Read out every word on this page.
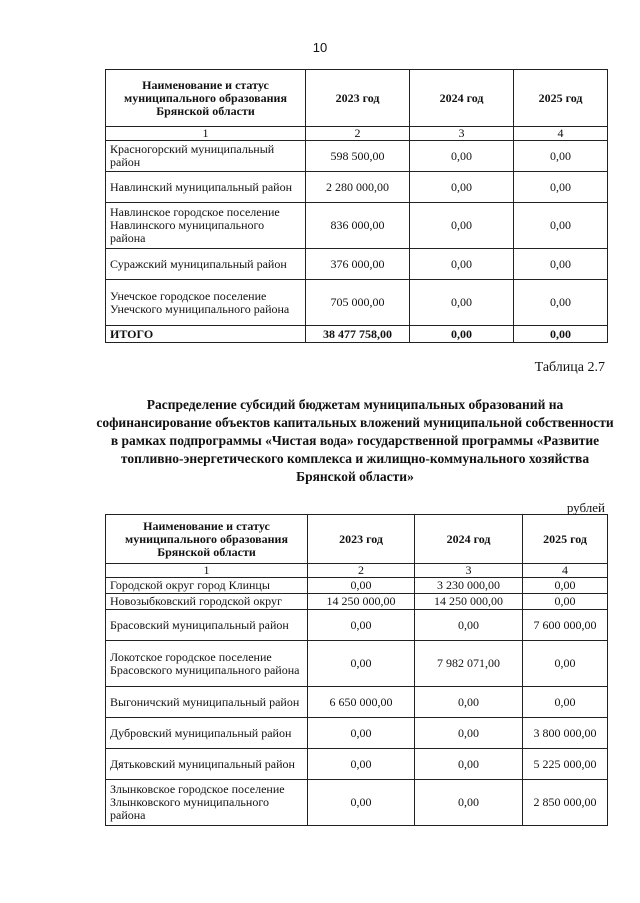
10
Наименование и статус муниципального образования Брянской области	2023 год	2024 год	2025 год
1	2	3	4
Красногорский муниципальный район	598 500,00	0,00	0,00
Навлинский муниципальный район	2 280 000,00	0,00	0,00
Навлинское городское поселение Навлинского муниципального района	836 000,00	0,00	0,00
Суражский муниципальный район	376 000,00	0,00	0,00
Унечское городское поселение Унечского муниципального района	705 000,00	0,00	0,00
ИТОГО	38 477 758,00	0,00	0,00
Таблица 2.7
Распределение субсидий бюджетам муниципальных образований на софинансирование объектов капитальных вложений муниципальной собственности в рамках подпрограммы «Чистая вода» государственной программы «Развитие топливно-энергетического комплекса и жилищно-коммунального хозяйства Брянской области»
рублей
Наименование и статус муниципального образования Брянской области	2023 год	2024 год	2025 год
1	2	3	4
Городской округ город Клинцы	0,00	3 230 000,00	0,00
Новозыбковский городской округ	14 250 000,00	14 250 000,00	0,00
Брасовский муниципальный район	0,00	0,00	7 600 000,00
Локотское городское поселение Брасовского муниципального района	0,00	7 982 071,00	0,00
Выгоничский муниципальный район	6 650 000,00	0,00	0,00
Дубровский муниципальный район	0,00	0,00	3 800 000,00
Дятьковский муниципальный район	0,00	0,00	5 225 000,00
Злынковское городское поселение Злынковского муниципального района	0,00	0,00	2 850 000,00
